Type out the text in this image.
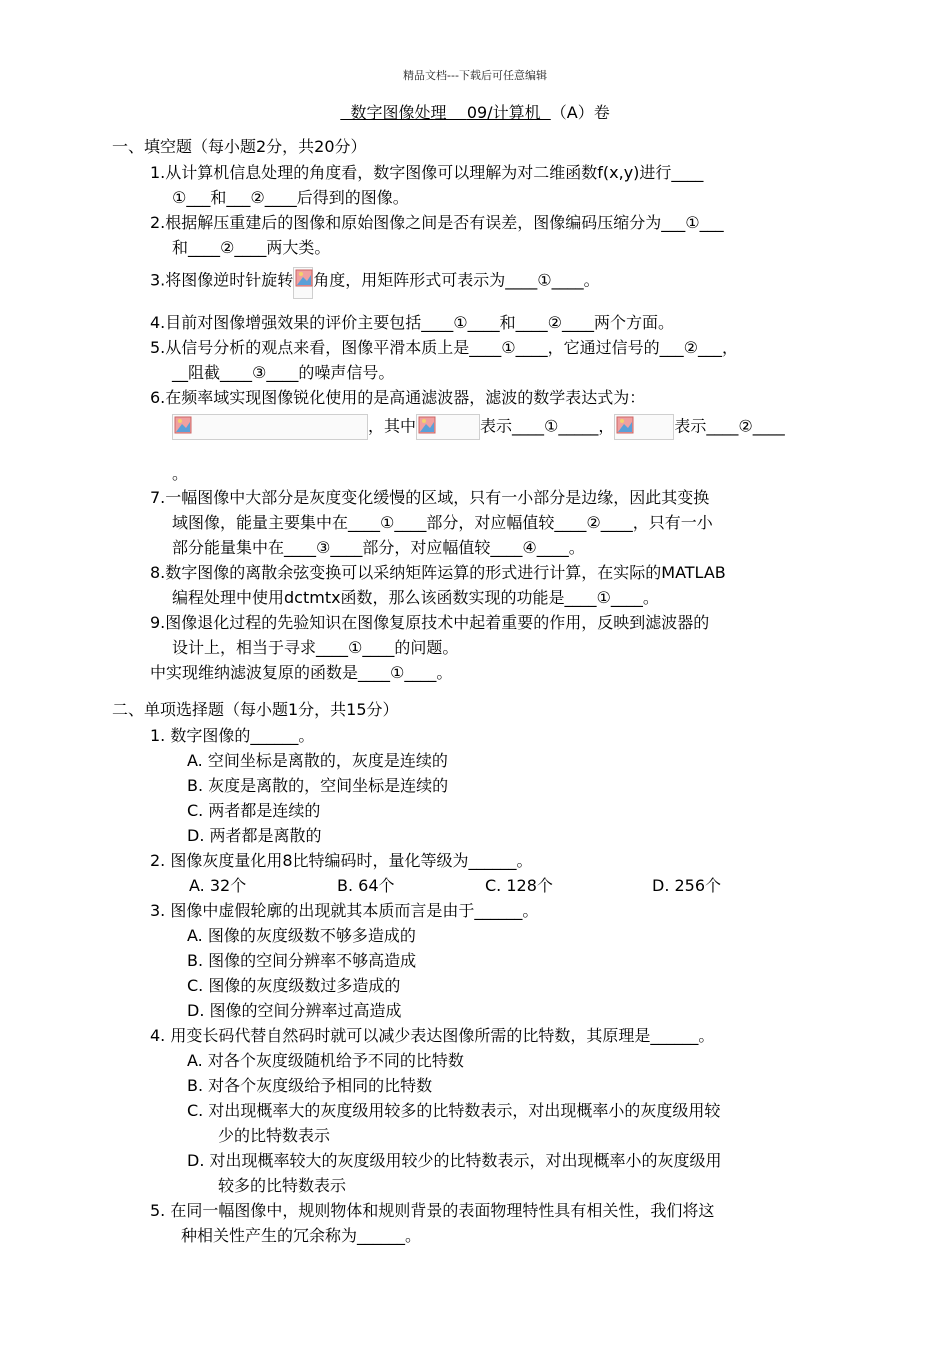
精品文档---下载后可任意编辑
数字图像处理    09/计算机  （A）卷
一、填空题（每小题2分，共20分）
1.从计算机信息处理的角度看，数字图像可以理解为对二维函数f(x,y)进行____
①___和___②____后得到的图像。
2.根据解压重建后的图像和原始图像之间是否有误差，图像编码压缩分为___①___
和____②____两大类。
3.将图像逆时针旋转 角度，用矩阵形式可表示为____①____。
4.目前对图像增强效果的评价主要包括____①____和____②____两个方面。
5.从信号分析的观点来看，图像平滑本质上是____①____，它通过信号的___②___，
__阻截____③____的噪声信号。
6.在频率域实现图像锐化使用的是高通滤波器，滤波的数学表达式为：
，其中	表示____①_____，	表示____②____
。
7.一幅图像中大部分是灰度变化缓慢的区域，只有一小部分是边缘，因此其变换
域图像，能量主要集中在____①____部分，对应幅值较____②____，只有一小
部分能量集中在____③____部分，对应幅值较____④____。
8.数字图像的离散余弦变换可以采纳矩阵运算的形式进行计算，在实际的MATLAB
编程处理中使用dctmtx函数，那么该函数实现的功能是____①____。
9.图像退化过程的先验知识在图像复原技术中起着重要的作用，反映到滤波器的
设计上，相当于寻求____①____的问题。
中实现维纳滤波复原的函数是____①____。
二、单项选择题（每小题1分，共15分）
1. 数字图像的______。
A. 空间坐标是离散的，灰度是连续的
B. 灰度是离散的，空间坐标是连续的
C. 两者都是连续的
D. 两者都是离散的
2. 图像灰度量化用8比特编码时，量化等级为______。
A. 32个	B. 64个	C. 128个	D. 256个
3. 图像中虚假轮廓的出现就其本质而言是由于______。
A. 图像的灰度级数不够多造成的
B. 图像的空间分辨率不够高造成
C. 图像的灰度级数过多造成的
D. 图像的空间分辨率过高造成
4. 用变长码代替自然码时就可以减少表达图像所需的比特数，其原理是______。
A. 对各个灰度级随机给予不同的比特数
B. 对各个灰度级给予相同的比特数
C. 对出现概率大的灰度级用较多的比特数表示，对出现概率小的灰度级用较
少的比特数表示
D. 对出现概率较大的灰度级用较少的比特数表示，对出现概率小的灰度级用
较多的比特数表示
5. 在同一幅图像中，规则物体和规则背景的表面物理特性具有相关性，我们将这
种相关性产生的冗余称为______。
